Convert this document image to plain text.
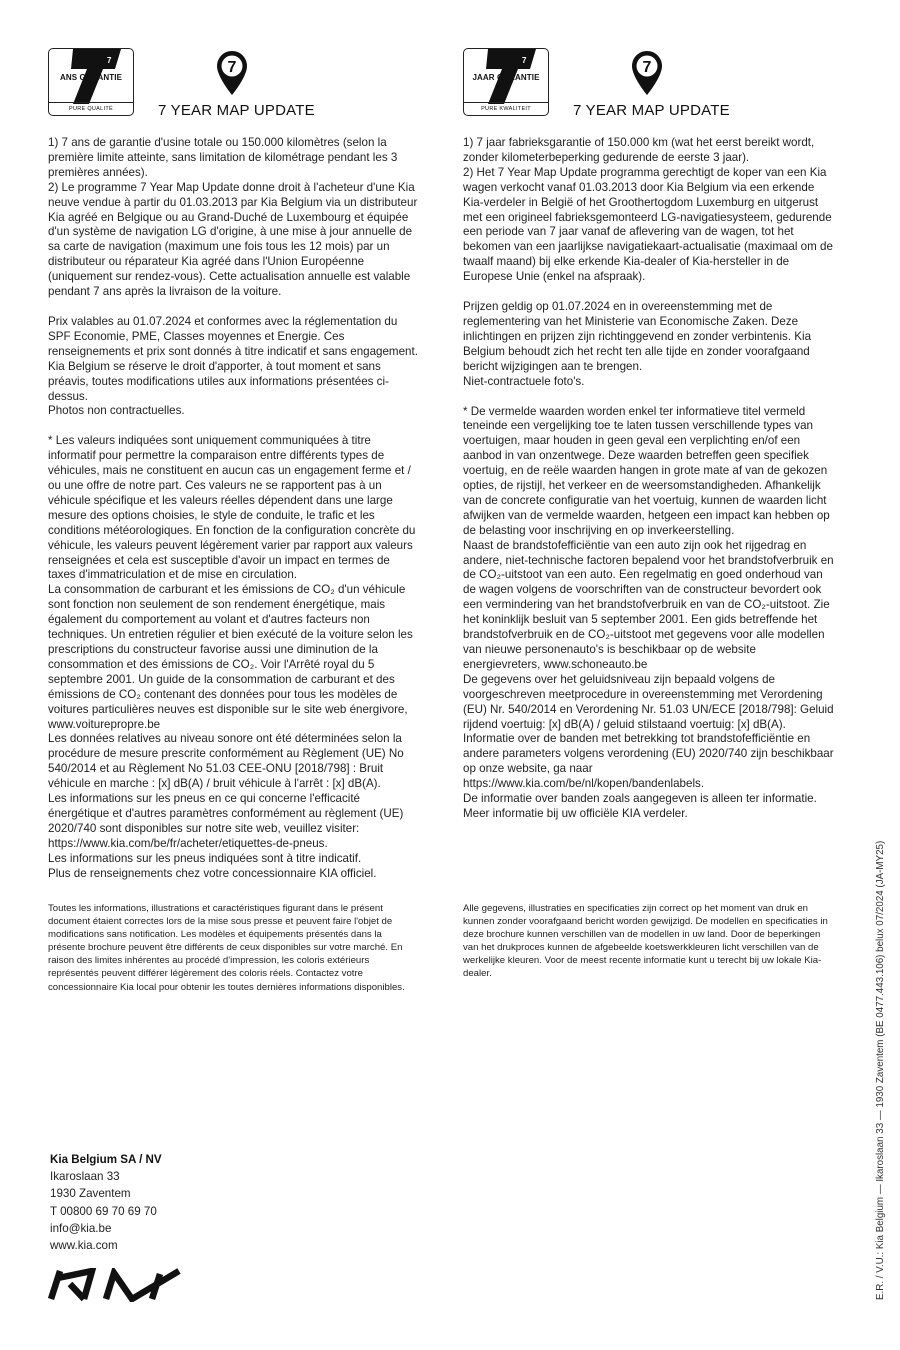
7
ANS GARANTIE
PURE QUALITÉ
7
7 YEAR MAP UPDATE

1) 7 ans de garantie d'usine totale ou 150.000 kilomètres (selon la première limite atteinte, sans limitation de kilométrage pendant les 3 premières années).
2) Le programme 7 Year Map Update donne droit à l'acheteur d'une Kia neuve vendue à partir du 01.03.2013 par Kia Belgium via un distributeur Kia agréé en Belgique ou au Grand-Duché de Luxembourg et équipée d'un système de navigation LG d'origine, à une mise à jour annuelle de sa carte de navigation (maximum une fois tous les 12 mois) par un distributeur ou réparateur Kia agréé dans l'Union Européenne (uniquement sur rendez-vous). Cette actualisation annuelle est valable pendant 7 ans après la livraison de la voiture.

Prix valables au 01.07.2024 et conformes avec la réglementation du SPF Economie, PME, Classes moyennes et Energie. Ces renseignements et prix sont donnés à titre indicatif et sans engagement. Kia Belgium se réserve le droit d'apporter, à tout moment et sans préavis, toutes modifications utiles aux informations présentées ci-dessus.
Photos non contractuelles.

* Les valeurs indiquées sont uniquement communiquées à titre informatif pour permettre la comparaison entre différents types de véhicules, mais ne constituent en aucun cas un engagement ferme et / ou une offre de notre part. Ces valeurs ne se rapportent pas à un véhicule spécifique et les valeurs réelles dépendent dans une large mesure des options choisies, le style de conduite, le trafic et les conditions météorologiques. En fonction de la configuration concrète du véhicule, les valeurs peuvent légèrement varier par rapport aux valeurs renseignées et cela est susceptible d'avoir un impact en termes de taxes d'immatriculation et de mise en circulation.
La consommation de carburant et les émissions de CO₂ d'un véhicule sont fonction non seulement de son rendement énergétique, mais également du comportement au volant et d'autres facteurs non techniques. Un entretien régulier et bien exécuté de la voiture selon les prescriptions du constructeur favorise aussi une diminution de la consommation et des émissions de CO₂. Voir l'Arrêté royal du 5 septembre 2001. Un guide de la consommation de carburant et des émissions de CO₂ contenant des données pour tous les modèles de voitures particulières neuves est disponible sur le site web énergivore, www.voiturepropre.be
Les données relatives au niveau sonore ont été déterminées selon la procédure de mesure prescrite conformément au Règlement (UE) No 540/2014 et au Règlement No 51.03 CEE-ONU [2018/798] : Bruit véhicule en marche : [x] dB(A) / bruit véhicule à l'arrêt : [x] dB(A).
Les informations sur les pneus en ce qui concerne l'efficacité énergétique et d'autres paramètres conformément au règlement (UE) 2020/740 sont disponibles sur notre site web, veuillez visiter: https://www.kia.com/be/fr/acheter/etiquettes-de-pneus.
Les informations sur les pneus indiquées sont à titre indicatif.
Plus de renseignements chez votre concessionnaire KIA officiel.

7
JAAR GARANTIE
PURE KWALITEIT
7
7 YEAR MAP UPDATE

1) 7 jaar fabrieksgarantie of 150.000 km (wat het eerst bereikt wordt, zonder kilometerbeperking gedurende de eerste 3 jaar).
2) Het 7 Year Map Update programma gerechtigt de koper van een Kia wagen verkocht vanaf 01.03.2013 door Kia Belgium via een erkende Kia-verdeler in België of het Groothertogdom Luxemburg en uitgerust met een origineel fabrieksgemonteerd LG-navigatiesysteem, gedurende een periode van 7 jaar vanaf de aflevering van de wagen, tot het bekomen van een jaarlijkse navigatiekaart-actualisatie (maximaal om de twaalf maand) bij elke erkende Kia-dealer of Kia-hersteller in de Europese Unie (enkel na afspraak).

Prijzen geldig op 01.07.2024 en in overeenstemming met de reglementering van het Ministerie van Economische Zaken. Deze inlichtingen en prijzen zijn richtinggevend en zonder verbintenis. Kia Belgium behoudt zich het recht ten alle tijde en zonder voorafgaand bericht wijzigingen aan te brengen.
Niet-contractuele foto's.

* De vermelde waarden worden enkel ter informatieve titel vermeld teneinde een vergelijking toe te laten tussen verschillende types van voertuigen, maar houden in geen geval een verplichting en/of een aanbod in van onzentwege. Deze waarden betreffen geen specifiek voertuig, en de reële waarden hangen in grote mate af van de gekozen opties, de rijstijl, het verkeer en de weersomstandigheden. Afhankelijk van de concrete configuratie van het voertuig, kunnen de waarden licht afwijken van de vermelde waarden, hetgeen een impact kan hebben op de belasting voor inschrijving en op inverkeerstelling.
Naast de brandstofefficiëntie van een auto zijn ook het rijgedrag en andere, niet-technische factoren bepalend voor het brandstofverbruik en de CO₂-uitstoot van een auto. Een regelmatig en goed onderhoud van de wagen volgens de voorschriften van de constructeur bevordert ook een vermindering van het brandstofverbruik en van de CO₂-uitstoot. Zie het koninklijk besluit van 5 september 2001. Een gids betreffende het brandstofverbruik en de CO₂-uitstoot met gegevens voor alle modellen van nieuwe personenauto's is beschikbaar op de website energievreters, www.schoneauto.be
De gegevens over het geluidsniveau zijn bepaald volgens de voorgeschreven meetprocedure in overeenstemming met Verordening (EU) Nr. 540/2014 en Verordening Nr. 51.03 UN/ECE [2018/798]: Geluid rijdend voertuig: [x] dB(A) / geluid stilstaand voertuig: [x] dB(A).
Informatie over de banden met betrekking tot brandstofefficiëntie en andere parameters volgens verordening (EU) 2020/740 zijn beschikbaar op onze website, ga naar https://www.kia.com/be/nl/kopen/bandenlabels.
De informatie over banden zoals aangegeven is alleen ter informatie.
Meer informatie bij uw officiële KIA verdeler.

Toutes les informations, illustrations et caractéristiques figurant dans le présent document étaient correctes lors de la mise sous presse et peuvent faire l'objet de modifications sans notification. Les modèles et équipements présentés dans la présente brochure peuvent être différents de ceux disponibles sur votre marché. En raison des limites inhérentes au procédé d'impression, les coloris extérieurs représentés peuvent différer légèrement des coloris réels. Contactez votre concessionnaire Kia local pour obtenir les toutes dernières informations disponibles.

Alle gegevens, illustraties en specificaties zijn correct op het moment van druk en kunnen zonder voorafgaand bericht worden gewijzigd. De modellen en specificaties in deze brochure kunnen verschillen van de modellen in uw land. Door de beperkingen van het drukproces kunnen de afgebeelde koetswerkkleuren licht verschillen van de werkelijke kleuren. Voor de meest recente informatie kunt u terecht bij uw lokale Kia-dealer.

Kia Belgium SA / NV
Ikaroslaan 33
1930 Zaventem
T 00800 69 70 69 70
info@kia.be
www.kia.com	E.R. / V.U.: Kia Belgium — Ikaroslaan 33 — 1930 Zaventem (BE 0477.443.106) belux 07/2024 (JA-MY25)
